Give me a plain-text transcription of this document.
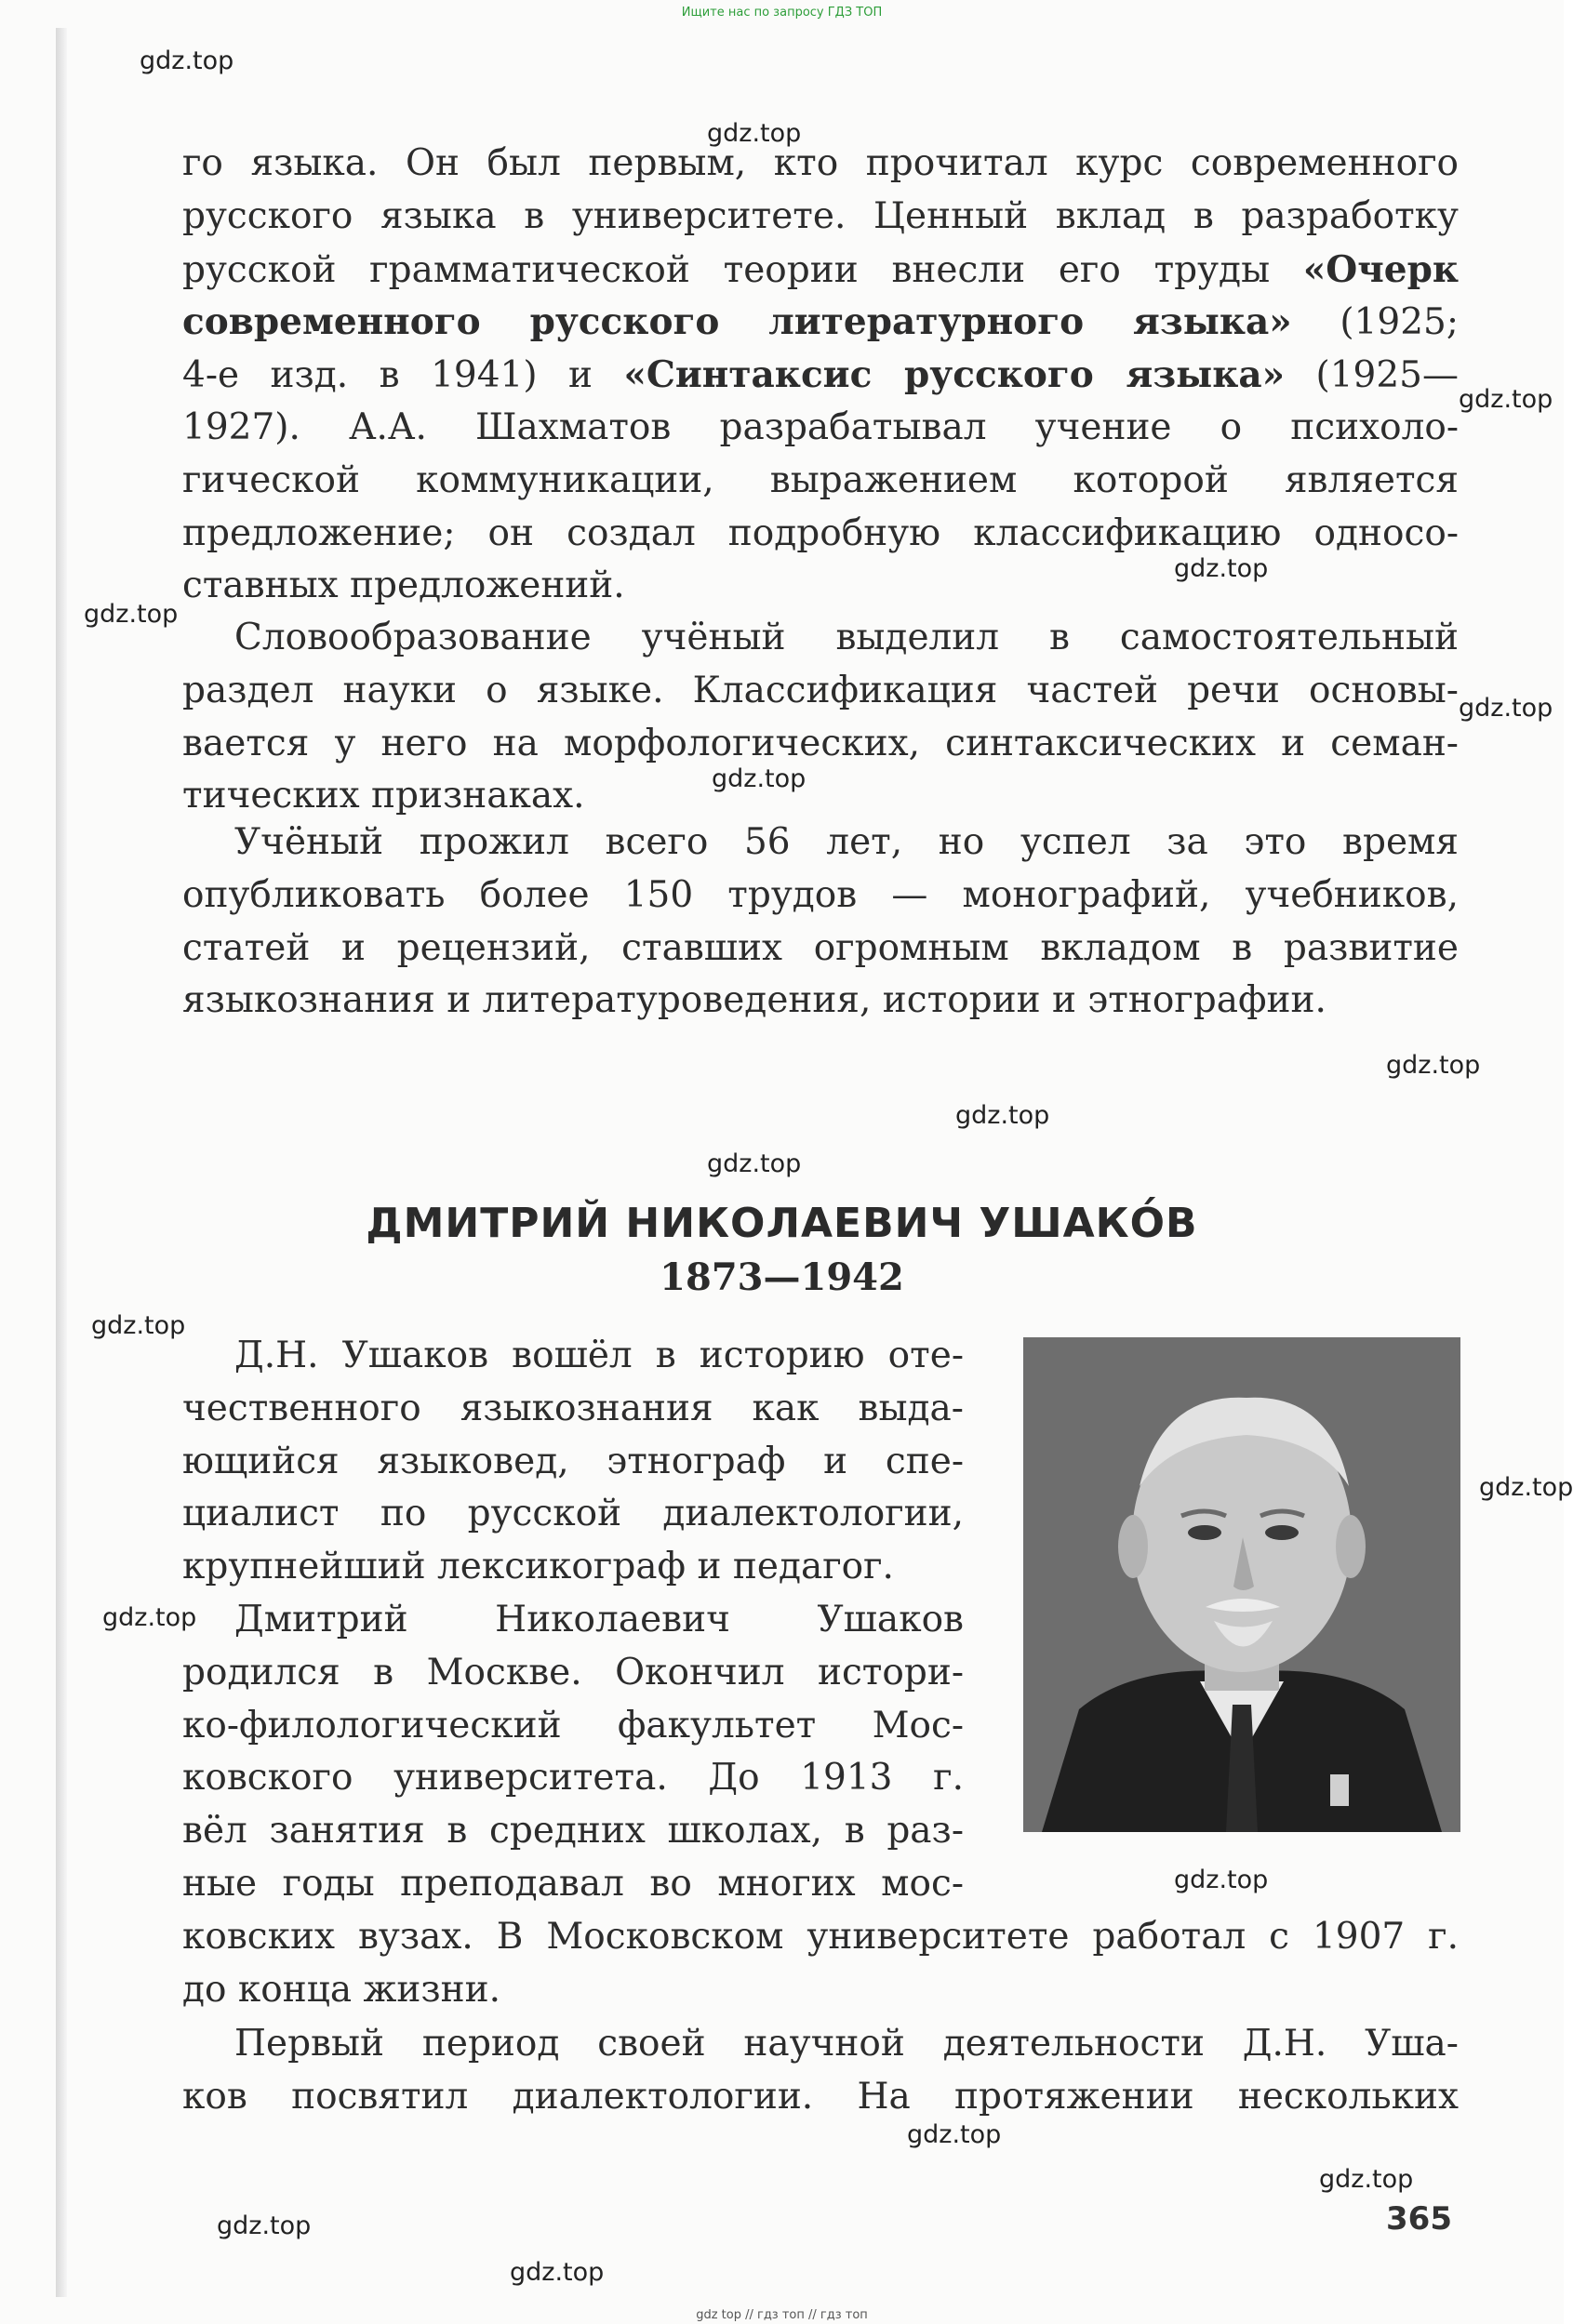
Ищите нас по запросу ГДЗ ТОП
го языка. Он был первым, кто прочитал курс современного
русского языка в университете. Ценный вклад в разработку
русской грамматической теории внесли его труды «Очерк
современного русского литературного языка» (1925;
4-е изд. в 1941) и «Синтаксис русского языка» (1925—
1927). А.А. Шахматов разрабатывал учение о психоло-
гической коммуникации, выражением которой является
предложение; он создал подробную классификацию односо-
ставных предложений.
Словообразование учёный выделил в самостоятельный
раздел науки о языке. Классификация частей речи основы-
вается у него на морфологических, синтаксических и семан-
тических признаках.
Учёный прожил всего 56 лет, но успел за это время
опубликовать более 150 трудов — монографий, учебников,
статей и рецензий, ставших огромным вкладом в развитие
языкознания и литературоведения, истории и этнографии.
ДМИТРИЙ НИКОЛАЕВИЧ УШАКО́В
1873—1942
Д.Н. Ушаков вошёл в историю оте-
чественного языкознания как выда-
ющийся языковед, этнограф и спе-
циалист по русской диалектологии,
крупнейший лексикограф и педагог.
Дмитрий Николаевич Ушаков
родился в Москве. Окончил истори-
ко-филологический факультет Мос-
ковского университета. До 1913 г.
вёл занятия в средних школах, в раз-
ные годы преподавал во многих мос-
ковских вузах. В Московском университете работал с 1907 г.
до конца жизни.
Первый период своей научной деятельности Д.Н. Уша-
ков посвятил диалектологии. На протяжении нескольких
gdz.top
gdz.top
gdz.top
gdz.top
gdz.top
gdz.top
gdz.top
gdz.top
gdz.top
gdz.top
gdz.top
gdz.top
gdz.top
gdz.top
gdz.top
gdz.top
gdz.top
gdz.top
365
gdz top // гдз топ // гдз топ
